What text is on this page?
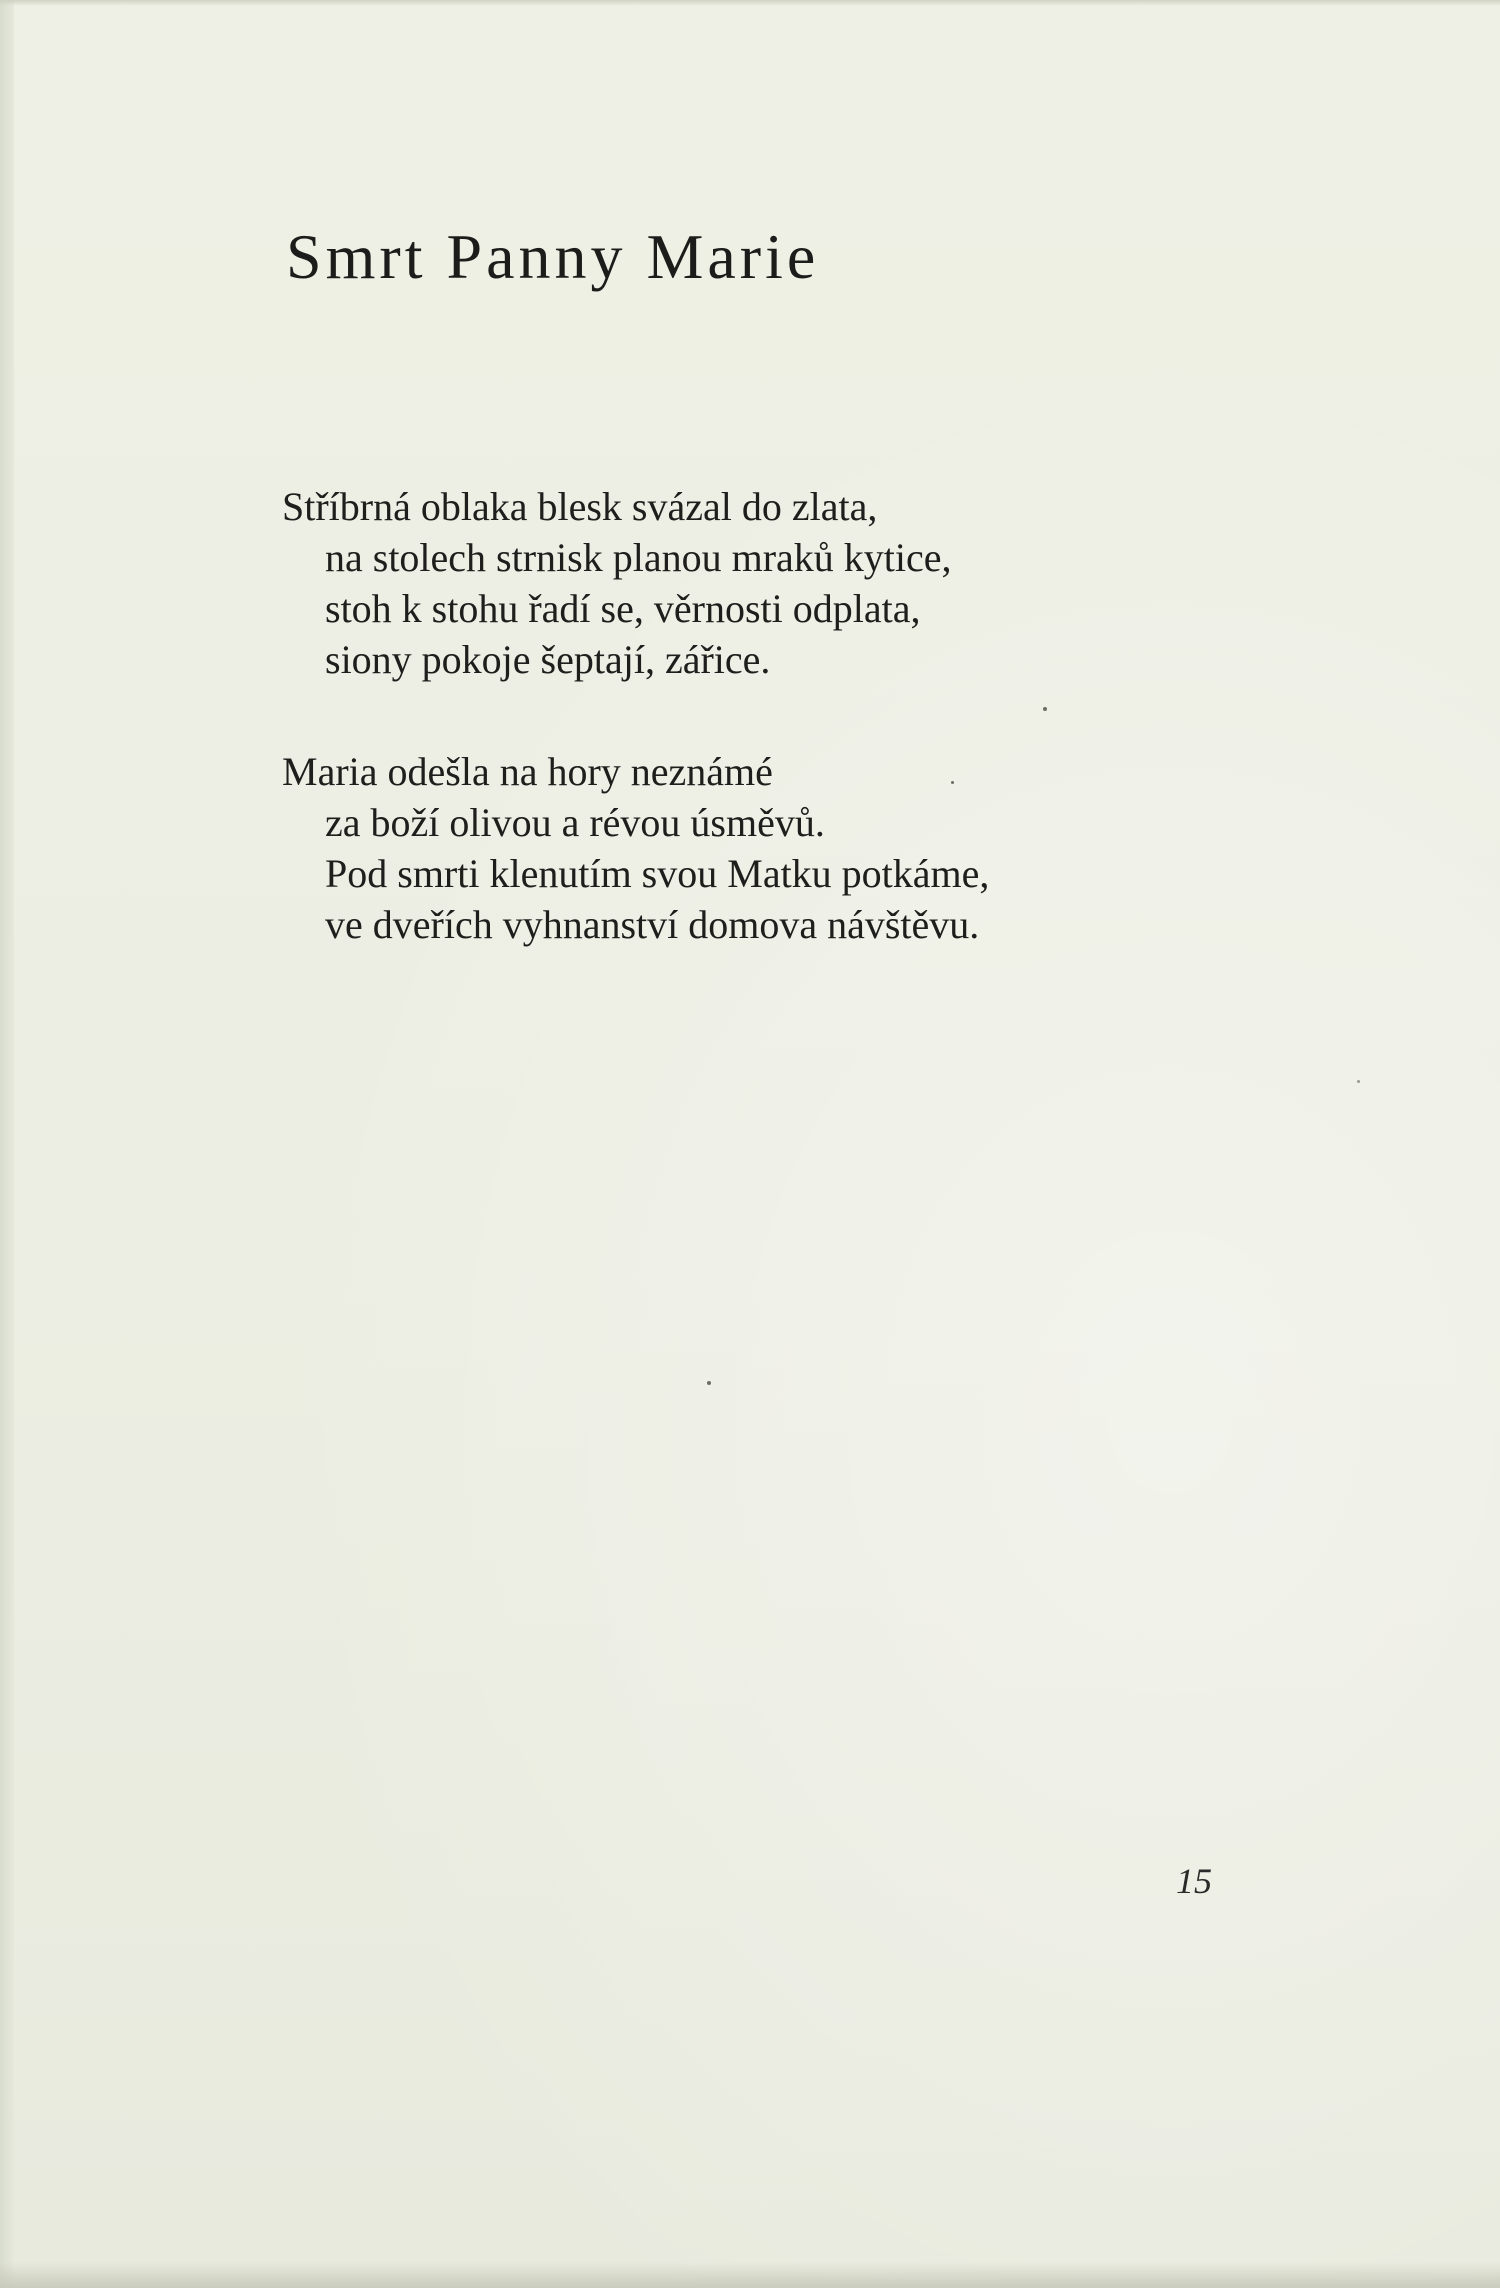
Smrt Panny Marie
Stříbrná oblaka blesk svázal do zlata,
na stolech strnisk planou mraků kytice,
stoh k stohu řadí se, věrnosti odplata,
siony pokoje šeptají, zářice.
Maria odešla na hory neznámé
za boží olivou a révou úsměvů.
Pod smrti klenutím svou Matku potkáme,
ve dveřích vyhnanství domova návštěvu.
15
